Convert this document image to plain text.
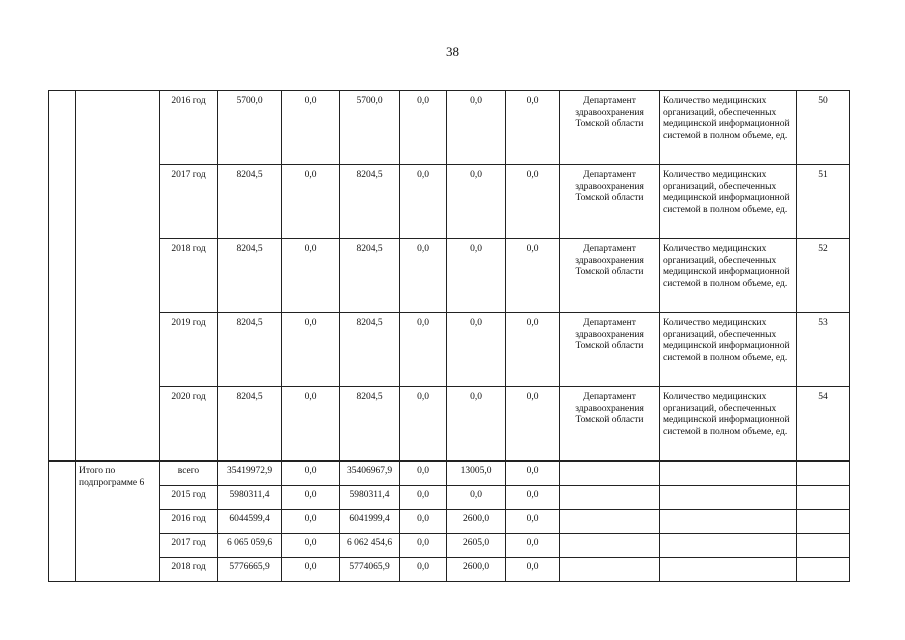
38
		2016 год	5700,0	0,0	5700,0	0,0	0,0	0,0	Департамент здравоохранения Томской области	Количество медицинских организаций, обеспеченных медицинской информационной системой в полном объеме, ед.	50
		2017 год	8204,5	0,0	8204,5	0,0	0,0	0,0	Департамент здравоохранения Томской области	Количество медицинских организаций, обеспеченных медицинской информационной системой в полном объеме, ед.	51
		2018 год	8204,5	0,0	8204,5	0,0	0,0	0,0	Департамент здравоохранения Томской области	Количество медицинских организаций, обеспеченных медицинской информационной системой в полном объеме, ед.	52
		2019 год	8204,5	0,0	8204,5	0,0	0,0	0,0	Департамент здравоохранения Томской области	Количество медицинских организаций, обеспеченных медицинской информационной системой в полном объеме, ед.	53
		2020 год	8204,5	0,0	8204,5	0,0	0,0	0,0	Департамент здравоохранения Томской области	Количество медицинских организаций, обеспеченных медицинской информационной системой в полном объеме, ед.	54
	Итого по подпрограмме 6	всего	35419972,9	0,0	35406967,9	0,0	13005,0	0,0			
		2015 год	5980311,4	0,0	5980311,4	0,0	0,0	0,0			
		2016 год	6044599,4	0,0	6041999,4	0,0	2600,0	0,0			
		2017 год	6 065 059,6	0,0	6 062 454,6	0,0	2605,0	0,0			
		2018 год	5776665,9	0,0	5774065,9	0,0	2600,0	0,0			
